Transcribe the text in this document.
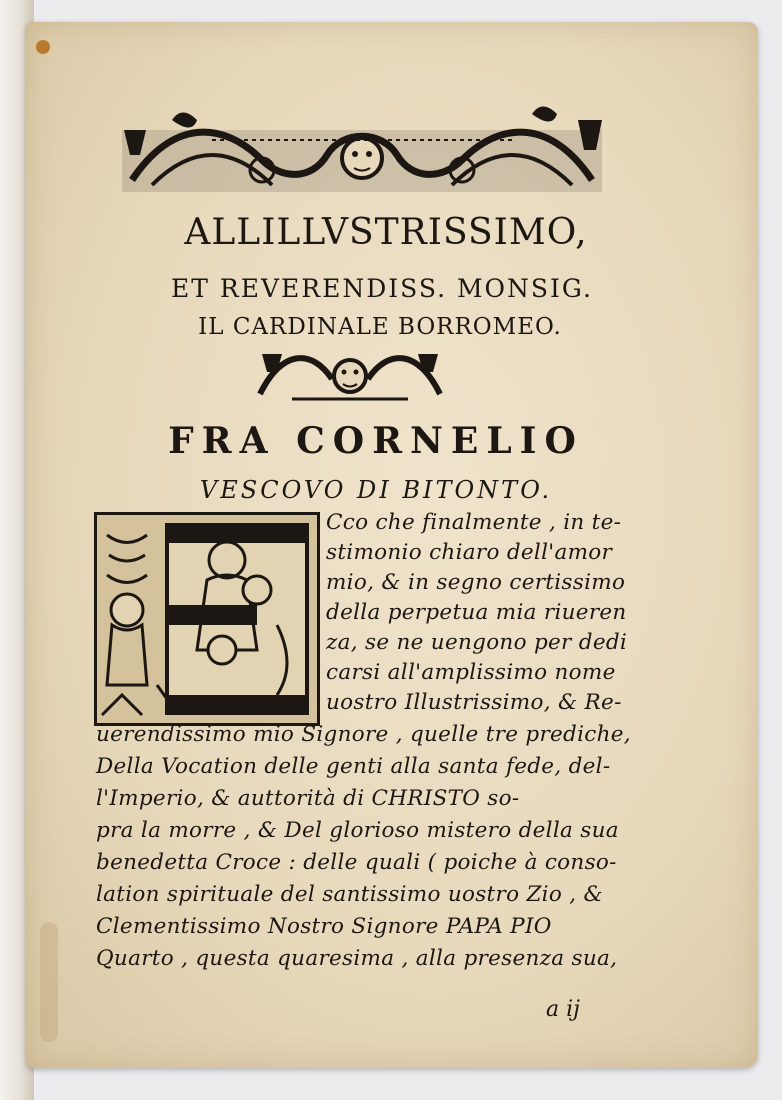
ALLILLVSTRISSIMO,

ET REVERENDISS. MONSIG.

IL CARDINALE BORROMEO.

FRA CORNELIO

VESCOVO DI BITONTO.

Cco che finalmente , in te-

stimonio chiaro dell'amor

mio, & in segno certissimo

della perpetua mia riueren

za, se ne uengono per dedi

carsi all'amplissimo nome

uostro Illustrissimo, & Re-

uerendissimo mio Signore , quelle tre prediche,

Della Vocation delle genti alla santa fede, del-

l'Imperio, & auttorità di CHRISTO so-

pra la morre , & Del glorioso mistero della sua

benedetta Croce : delle quali ( poiche à conso-

lation spirituale del santissimo uostro Zio , &

Clementissimo Nostro Signore PAPA PIO

Quarto , questa quaresima , alla presenza sua,

a ij
